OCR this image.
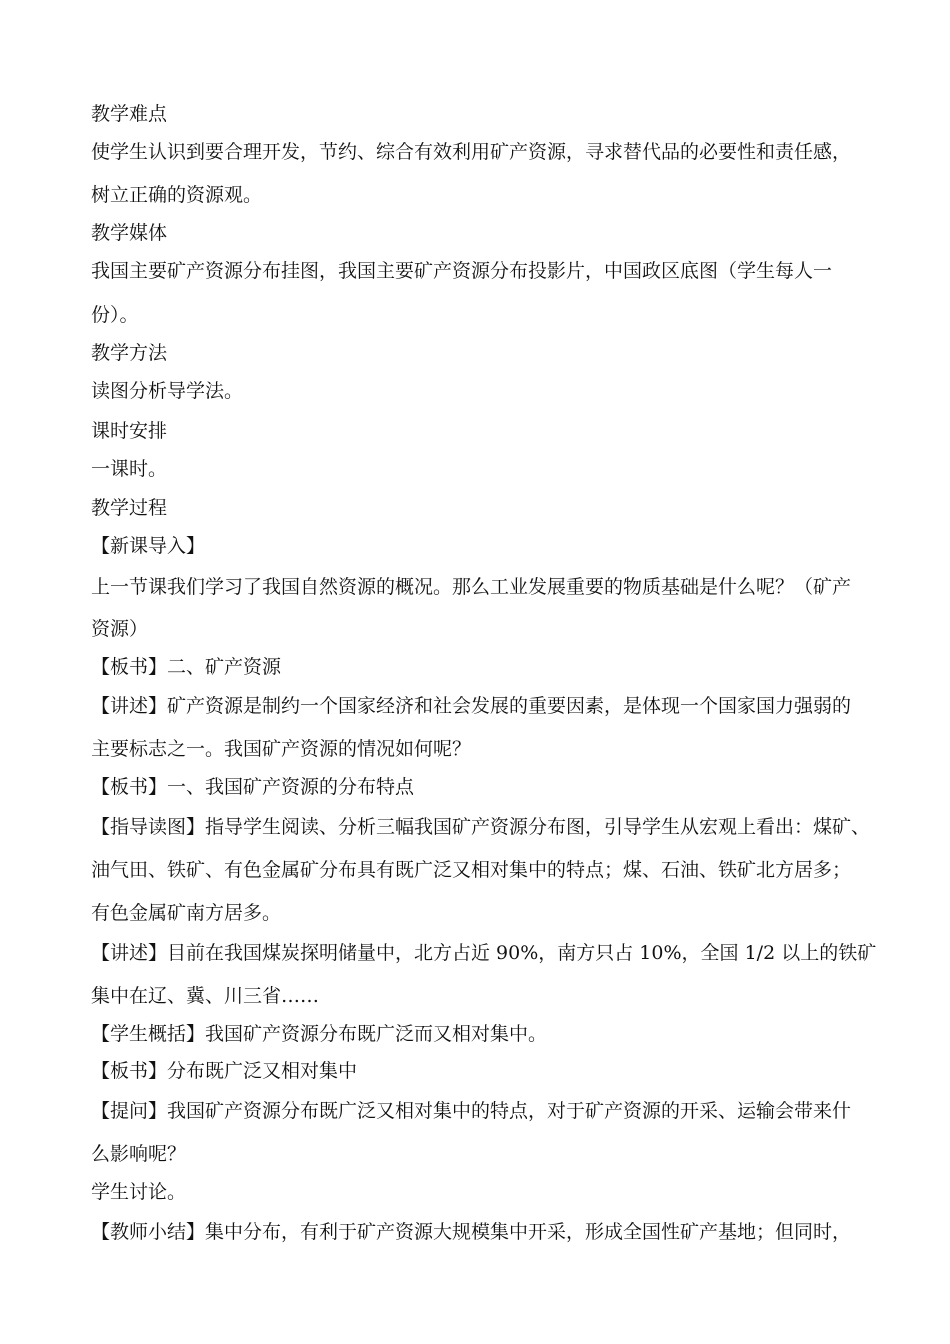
教学难点
使学生认识到要合理开发，节约、综合有效利用矿产资源，寻求替代品的必要性和责任感，
树立正确的资源观。
教学媒体
我国主要矿产资源分布挂图，我国主要矿产资源分布投影片，中国政区底图（学生每人一
份）。
教学方法
读图分析导学法。
课时安排
一课时。
教学过程
【新课导入】
上一节课我们学习了我国自然资源的概况。那么工业发展重要的物质基础是什么呢？（矿产
资源）
【板书】二、矿产资源
【讲述】矿产资源是制约一个国家经济和社会发展的重要因素，是体现一个国家国力强弱的
主要标志之一。我国矿产资源的情况如何呢？
【板书】一、我国矿产资源的分布特点
【指导读图】指导学生阅读、分析三幅我国矿产资源分布图，引导学生从宏观上看出：煤矿、
油气田、铁矿、有色金属矿分布具有既广泛又相对集中的特点；煤、石油、铁矿北方居多；
有色金属矿南方居多。
【讲述】目前在我国煤炭探明储量中，北方占近 90%，南方只占 10%，全国 1/2 以上的铁矿
集中在辽、冀、川三省……
【学生概括】我国矿产资源分布既广泛而又相对集中。
【板书】分布既广泛又相对集中
【提问】我国矿产资源分布既广泛又相对集中的特点，对于矿产资源的开采、运输会带来什
么影响呢？
学生讨论。
【教师小结】集中分布，有利于矿产资源大规模集中开采，形成全国性矿产基地；但同时，
